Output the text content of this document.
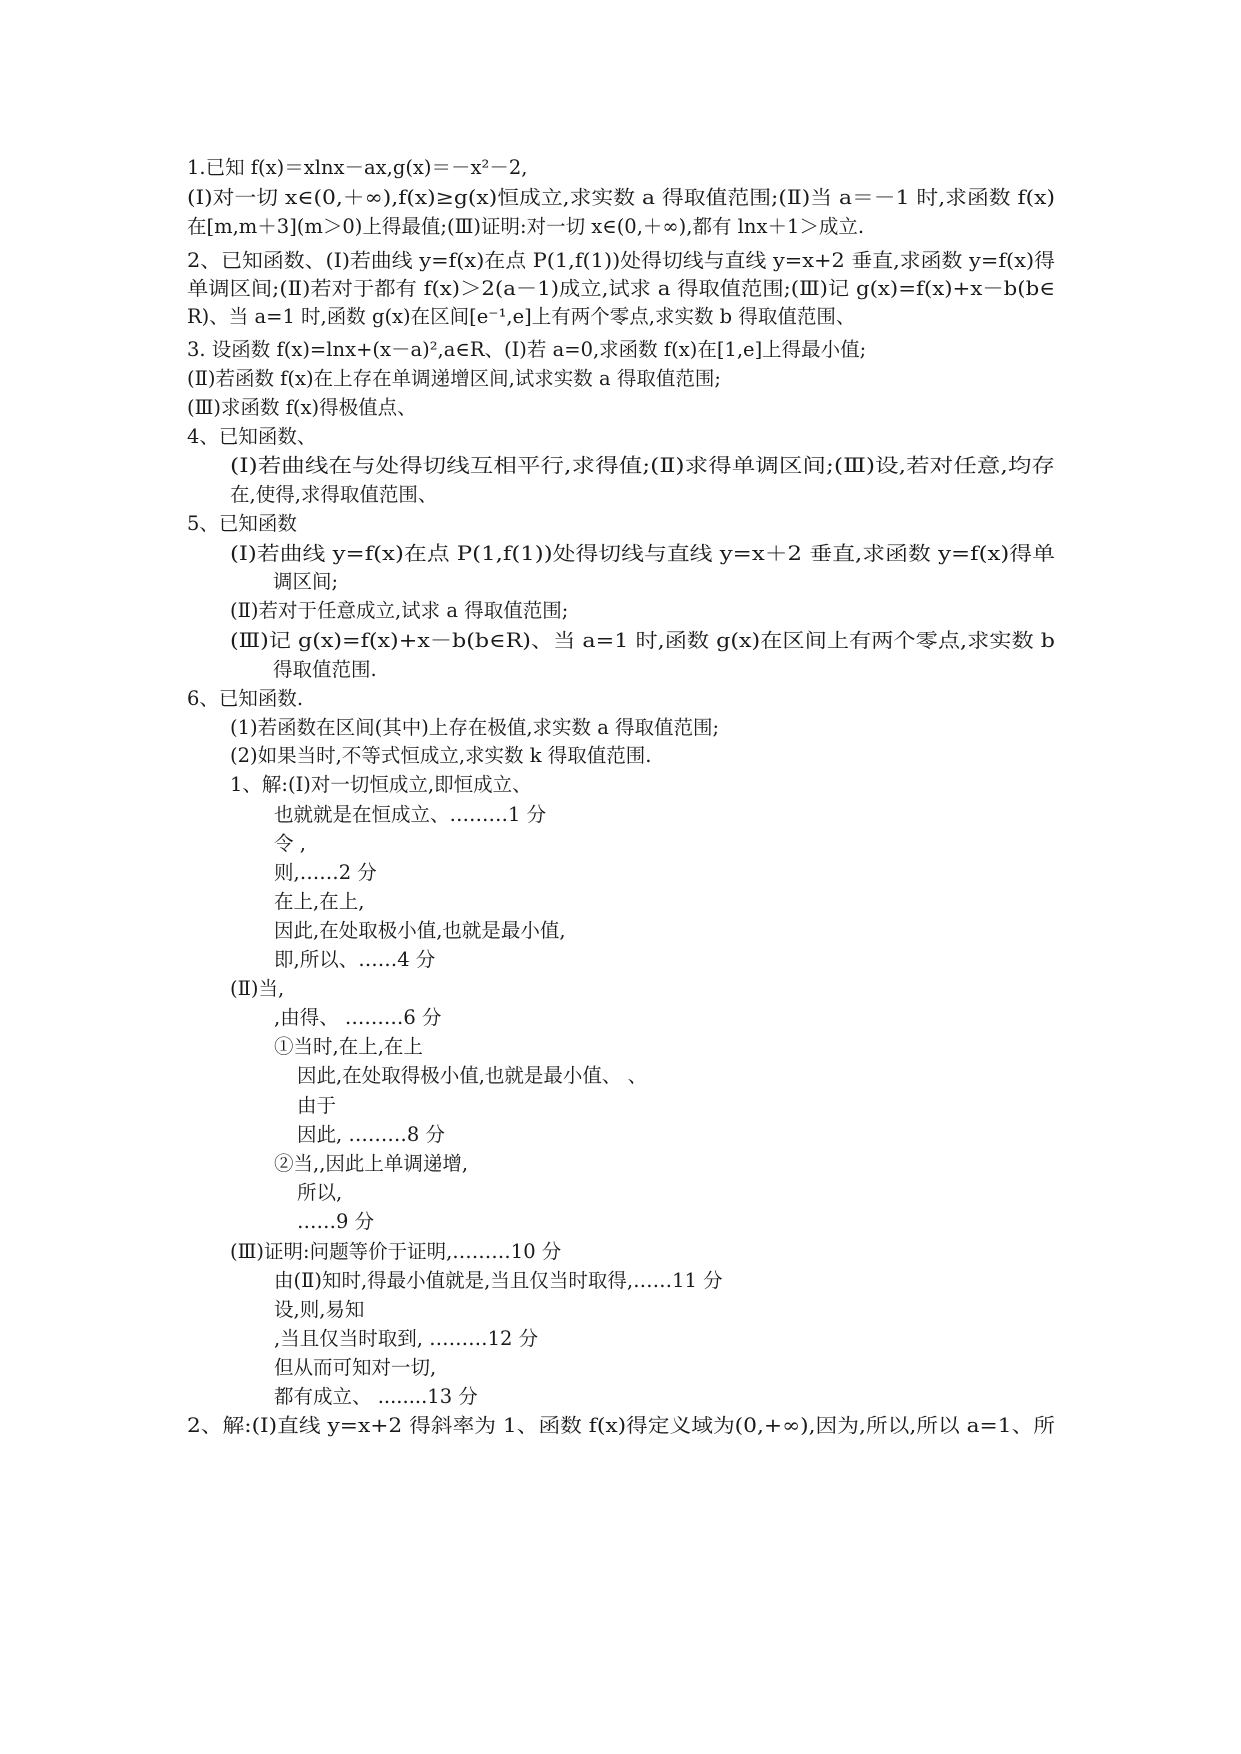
1.已知 f(x)＝xlnx－ax,g(x)＝－x²－2,
(Ⅰ)对一切 x∈(0,＋∞),f(x)≥g(x)恒成立,求实数 a 得取值范围;(Ⅱ)当 a＝－1 时,求函数 f(x)
在[m,m＋3](m＞0)上得最值;(Ⅲ)证明:对一切 x∈(0,＋∞),都有 lnx＋1＞成立.
2、已知函数、(Ⅰ)若曲线 y=f(x)在点 P(1,f(1))处得切线与直线 y=x+2 垂直,求函数 y=f(x)得
单调区间;(Ⅱ)若对于都有 f(x)＞2(a－1)成立,试求 a 得取值范围;(Ⅲ)记 g(x)=f(x)+x－b(b∈
R)、当 a=1 时,函数 g(x)在区间[e⁻¹,e]上有两个零点,求实数 b 得取值范围、
3. 设函数 f(x)=lnx+(x－a)²,a∈R、(Ⅰ)若 a=0,求函数 f(x)在[1,e]上得最小值;
(Ⅱ)若函数 f(x)在上存在单调递增区间,试求实数 a 得取值范围;
(Ⅲ)求函数 f(x)得极值点、
4、已知函数、
(Ⅰ)若曲线在与处得切线互相平行,求得值;(Ⅱ)求得单调区间;(Ⅲ)设,若对任意,均存
在,使得,求得取值范围、
5、已知函数
(Ⅰ)若曲线 y=f(x)在点 P(1,f(1))处得切线与直线 y=x＋2 垂直,求函数 y=f(x)得单
调区间;
(Ⅱ)若对于任意成立,试求 a 得取值范围;
(Ⅲ)记 g(x)=f(x)+x－b(b∈R)、当 a=1 时,函数 g(x)在区间上有两个零点,求实数 b
得取值范围.
6、已知函数.
(1)若函数在区间(其中)上存在极值,求实数 a 得取值范围;
(2)如果当时,不等式恒成立,求实数 k 得取值范围.
1、解:(Ⅰ)对一切恒成立,即恒成立、
也就就是在恒成立、………1 分
令 ,
则,……2 分
在上,在上,
因此,在处取极小值,也就是最小值,
即,所以、……4 分
(Ⅱ)当,
,由得、 ………6 分
①当时,在上,在上
因此,在处取得极小值,也就是最小值、 、
由于
因此, ………8 分
②当,,因此上单调递增,
所以,
……9 分
(Ⅲ)证明:问题等价于证明,………10 分
由(Ⅱ)知时,得最小值就是,当且仅当时取得,……11 分
设,则,易知
,当且仅当时取到, ………12 分
但从而可知对一切,
都有成立、 ........13 分
2、解:(Ⅰ)直线 y=x+2 得斜率为 1、函数 f(x)得定义域为(0,+∞),因为,所以,所以 a=1、所
